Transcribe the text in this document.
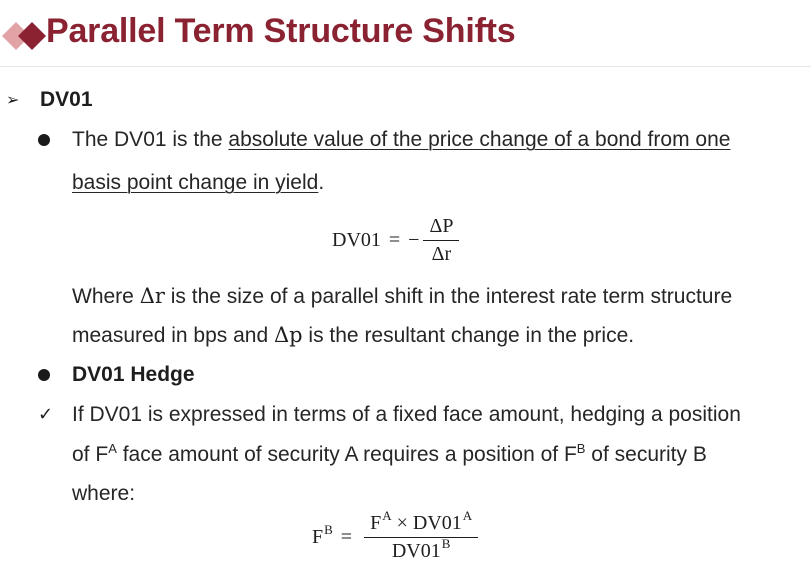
Parallel Term Structure Shifts
➢ DV01
The DV01 is the absolute value of the price change of a bond from one
basis point change in yield.
DV01 = − $\frac{\Delta P}{\Delta r}$
Where Δr is the size of a parallel shift in the interest rate term structure
measured in bps and Δp is the resultant change in the price.
DV01 Hedge
✓ If DV01 is expressed in terms of a fixed face amount, hedging a position
of $F^A$ face amount of security A requires a position of $F^B$ of security B
where:
$F^B = \frac{F^A \times DV01^A}{DV01^B}$
